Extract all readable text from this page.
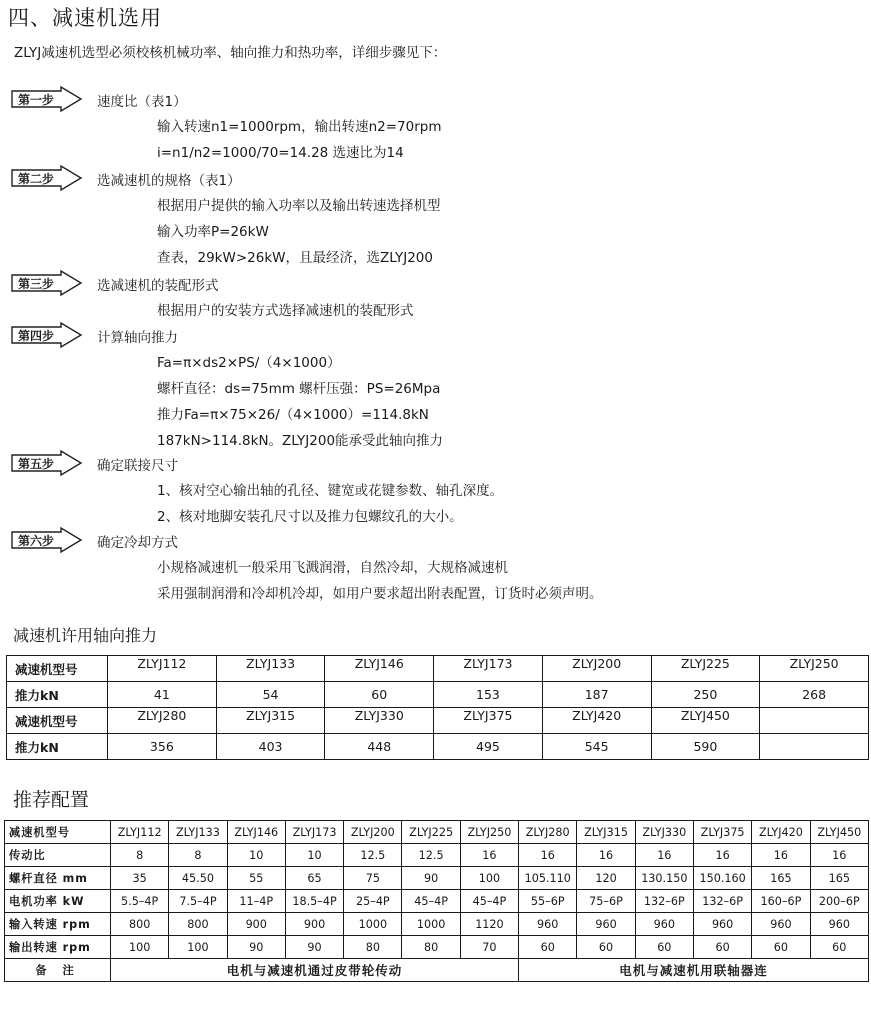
四、减速机选用
ZLYJ减速机选型必须校核机械功率、轴向推力和热功率，详细步骤见下：
第一步	速度比（表1）
输入转速n1=1000rpm，输出转速n2=70rpm
i=n1/n2=1000/70=14.28 选速比为14
第二步	选减速机的规格（表1）
根据用户提供的输入功率以及输出转速选择机型
输入功率P=26kW
查表，29kW>26kW，且最经济，选ZLYJ200
第三步	选减速机的装配形式
根据用户的安装方式选择减速机的装配形式
第四步	计算轴向推力
Fa=π×ds2×PS/（4×1000）
螺杆直径：ds=75mm 螺杆压强：PS=26Mpa
推力Fa=π×75×26/（4×1000）=114.8kN
187kN>114.8kN。ZLYJ200能承受此轴向推力
第五步	确定联接尺寸
1、核对空心输出轴的孔径、键宽或花键参数、轴孔深度。
2、核对地脚安装孔尺寸以及推力包螺纹孔的大小。
第六步	确定冷却方式
小规格减速机一般采用飞溅润滑，自然冷却，大规格减速机
采用强制润滑和冷却机冷却，如用户要求超出附表配置，订货时必须声明。
减速机许用轴向推力
减速机型号	ZLYJ112	ZLYJ133	ZLYJ146	ZLYJ173	ZLYJ200	ZLYJ225	ZLYJ250
推力kN	41	54	60	153	187	250	268
减速机型号	ZLYJ280	ZLYJ315	ZLYJ330	ZLYJ375	ZLYJ420	ZLYJ450	
推力kN	356	403	448	495	545	590	
推荐配置
减速机型号	ZLYJ112	ZLYJ133	ZLYJ146	ZLYJ173	ZLYJ200	ZLYJ225	ZLYJ250	ZLYJ280	ZLYJ315	ZLYJ330	ZLYJ375	ZLYJ420	ZLYJ450
传动比	8	8	10	10	12.5	12.5	16	16	16	16	16	16	16
螺杆直径 mm	35	45.50	55	65	75	90	100	105.110	120	130.150	150.160	165	165
电机功率 kW	5.5–4P	7.5–4P	11–4P	18.5–4P	25–4P	45–4P	45–4P	55–6P	75–6P	132–6P	132–6P	160–6P	200–6P
输入转速 rpm	800	800	900	900	1000	1000	1120	960	960	960	960	960	960
输出转速 rpm	100	100	90	90	80	80	70	60	60	60	60	60	60
备 注	电机与减速机通过皮带轮传动							电机与减速机用联轴器连					
